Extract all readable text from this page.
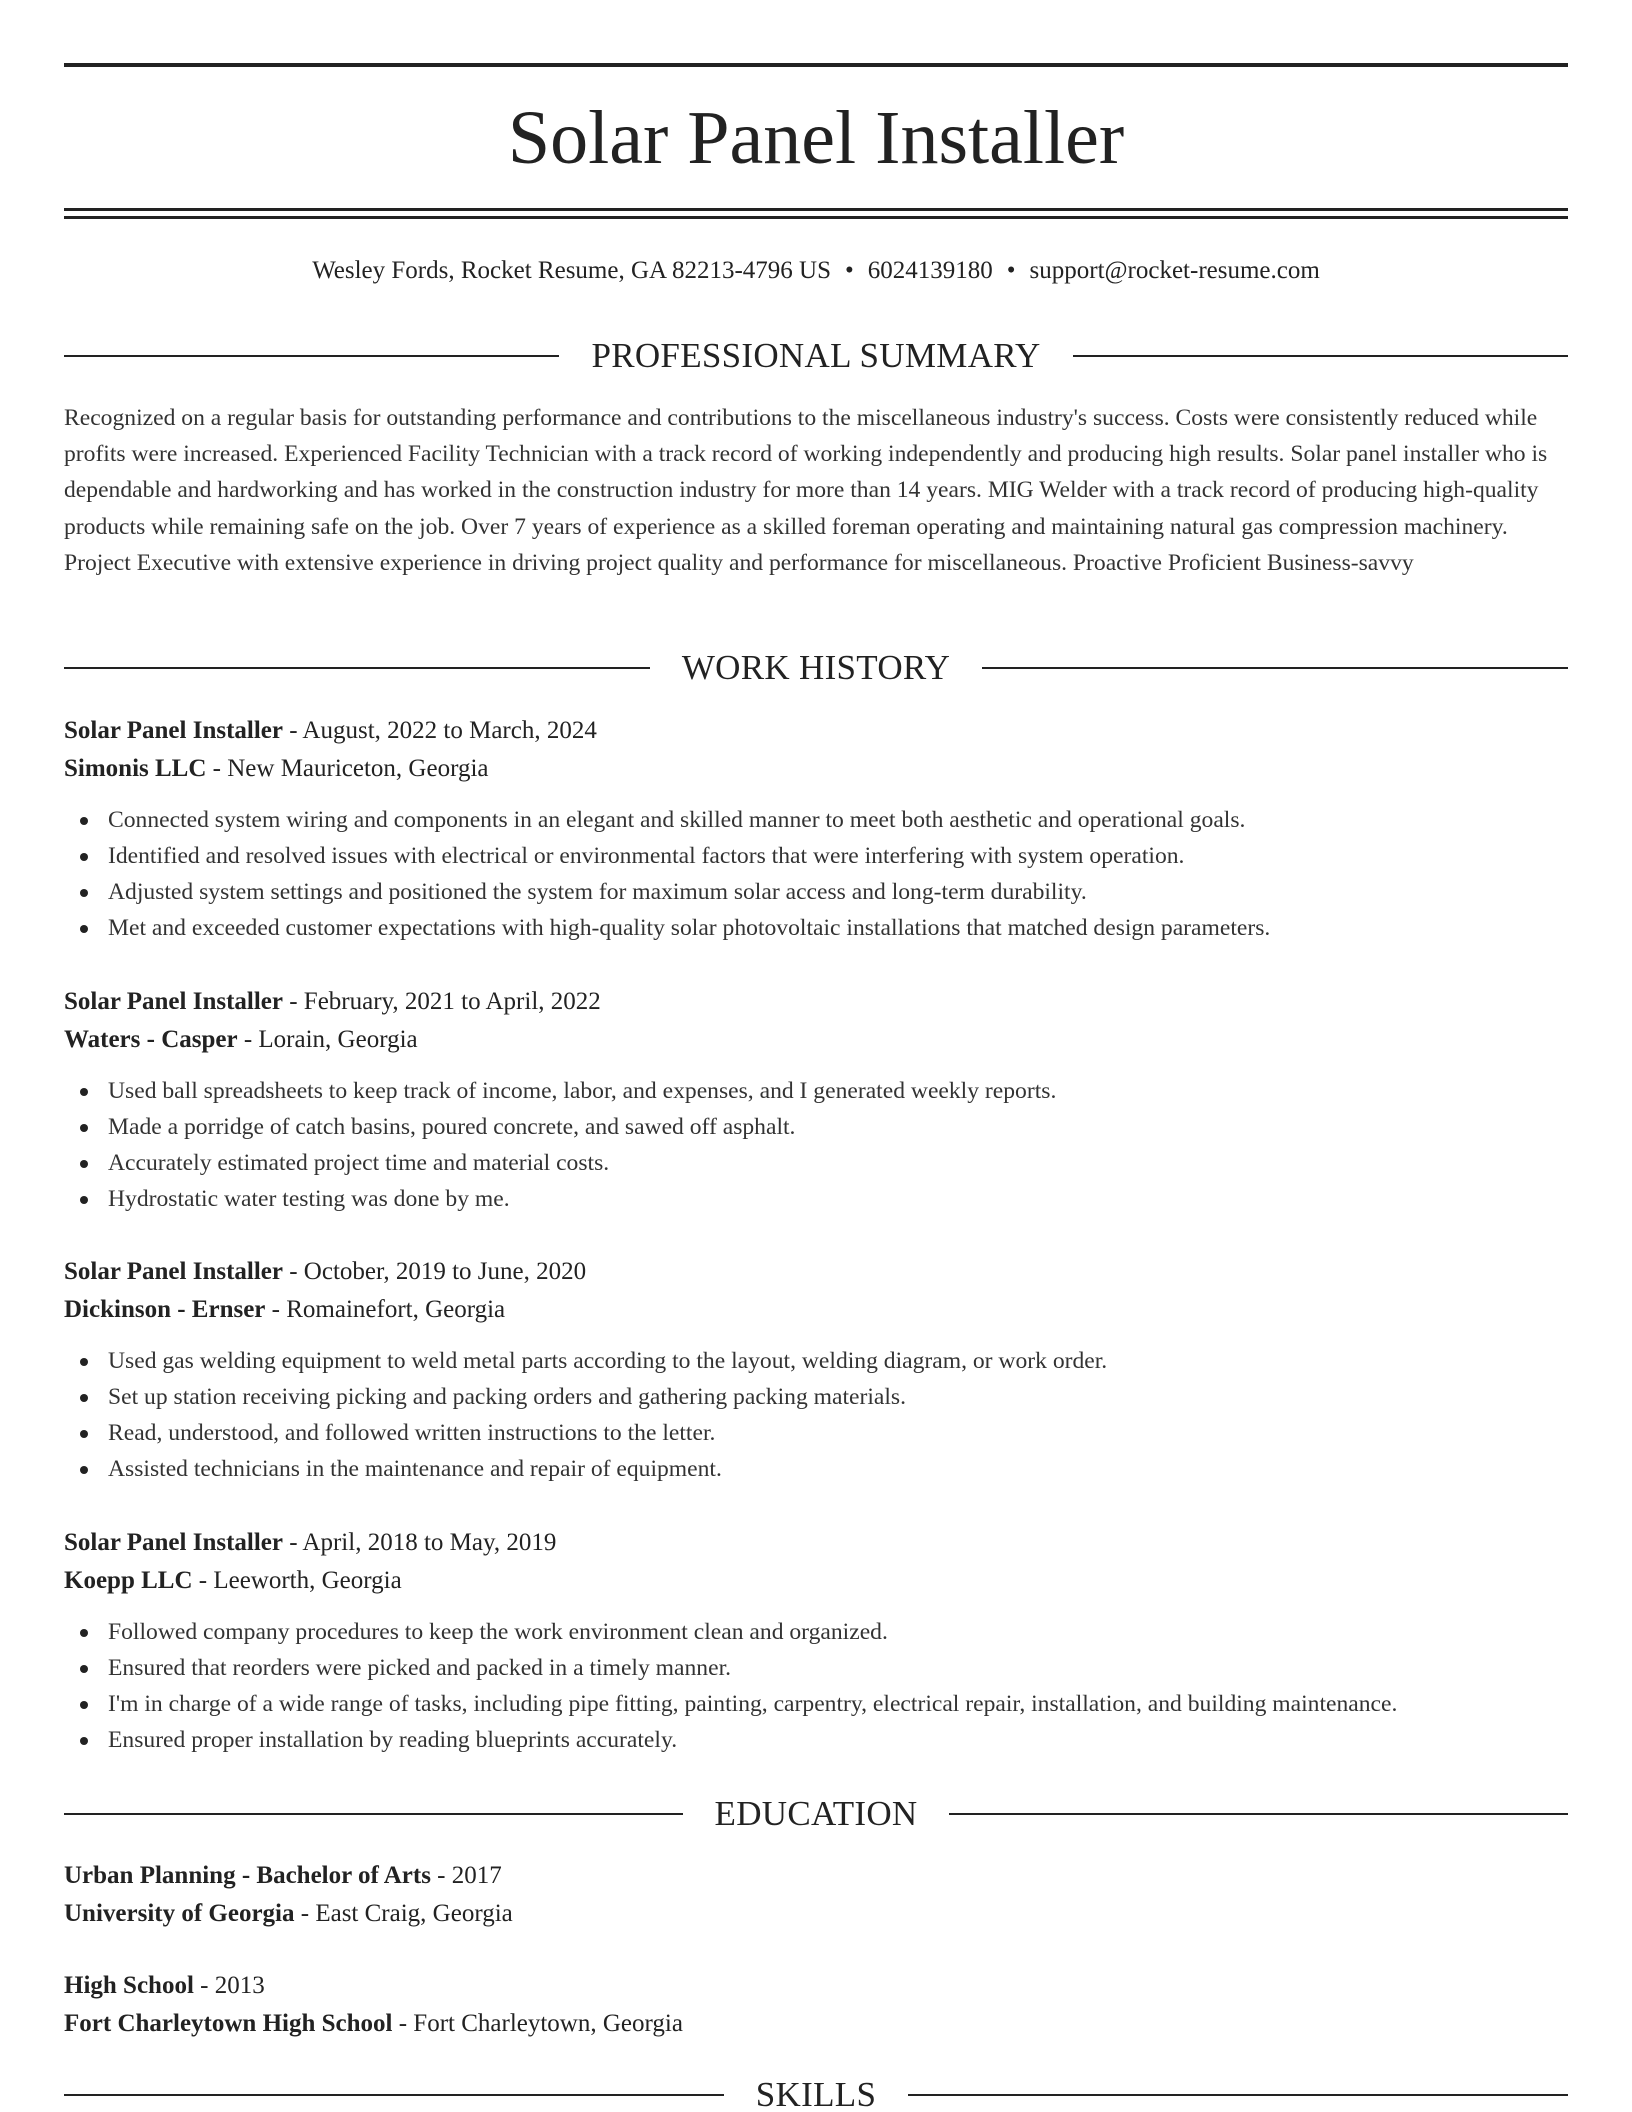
Solar Panel Installer
Wesley Fords, Rocket Resume, GA 82213-4796 US • 6024139180 • support@rocket-resume.com
PROFESSIONAL SUMMARY
Recognized on a regular basis for outstanding performance and contributions to the miscellaneous industry's success. Costs were consistently reduced while profits were increased. Experienced Facility Technician with a track record of working independently and producing high results. Solar panel installer who is dependable and hardworking and has worked in the construction industry for more than 14 years. MIG Welder with a track record of producing high-quality products while remaining safe on the job. Over 7 years of experience as a skilled foreman operating and maintaining natural gas compression machinery. Project Executive with extensive experience in driving project quality and performance for miscellaneous. Proactive Proficient Business-savvy
WORK HISTORY
Solar Panel Installer - August, 2022 to March, 2024
Simonis LLC - New Mauriceton, Georgia
Connected system wiring and components in an elegant and skilled manner to meet both aesthetic and operational goals.
Identified and resolved issues with electrical or environmental factors that were interfering with system operation.
Adjusted system settings and positioned the system for maximum solar access and long-term durability.
Met and exceeded customer expectations with high-quality solar photovoltaic installations that matched design parameters.
Solar Panel Installer - February, 2021 to April, 2022
Waters - Casper - Lorain, Georgia
Used ball spreadsheets to keep track of income, labor, and expenses, and I generated weekly reports.
Made a porridge of catch basins, poured concrete, and sawed off asphalt.
Accurately estimated project time and material costs.
Hydrostatic water testing was done by me.
Solar Panel Installer - October, 2019 to June, 2020
Dickinson - Ernser - Romainefort, Georgia
Used gas welding equipment to weld metal parts according to the layout, welding diagram, or work order.
Set up station receiving picking and packing orders and gathering packing materials.
Read, understood, and followed written instructions to the letter.
Assisted technicians in the maintenance and repair of equipment.
Solar Panel Installer - April, 2018 to May, 2019
Koepp LLC - Leeworth, Georgia
Followed company procedures to keep the work environment clean and organized.
Ensured that reorders were picked and packed in a timely manner.
I'm in charge of a wide range of tasks, including pipe fitting, painting, carpentry, electrical repair, installation, and building maintenance.
Ensured proper installation by reading blueprints accurately.
EDUCATION
Urban Planning - Bachelor of Arts - 2017
University of Georgia - East Craig, Georgia
High School - 2013
Fort Charleytown High School - Fort Charleytown, Georgia
SKILLS
